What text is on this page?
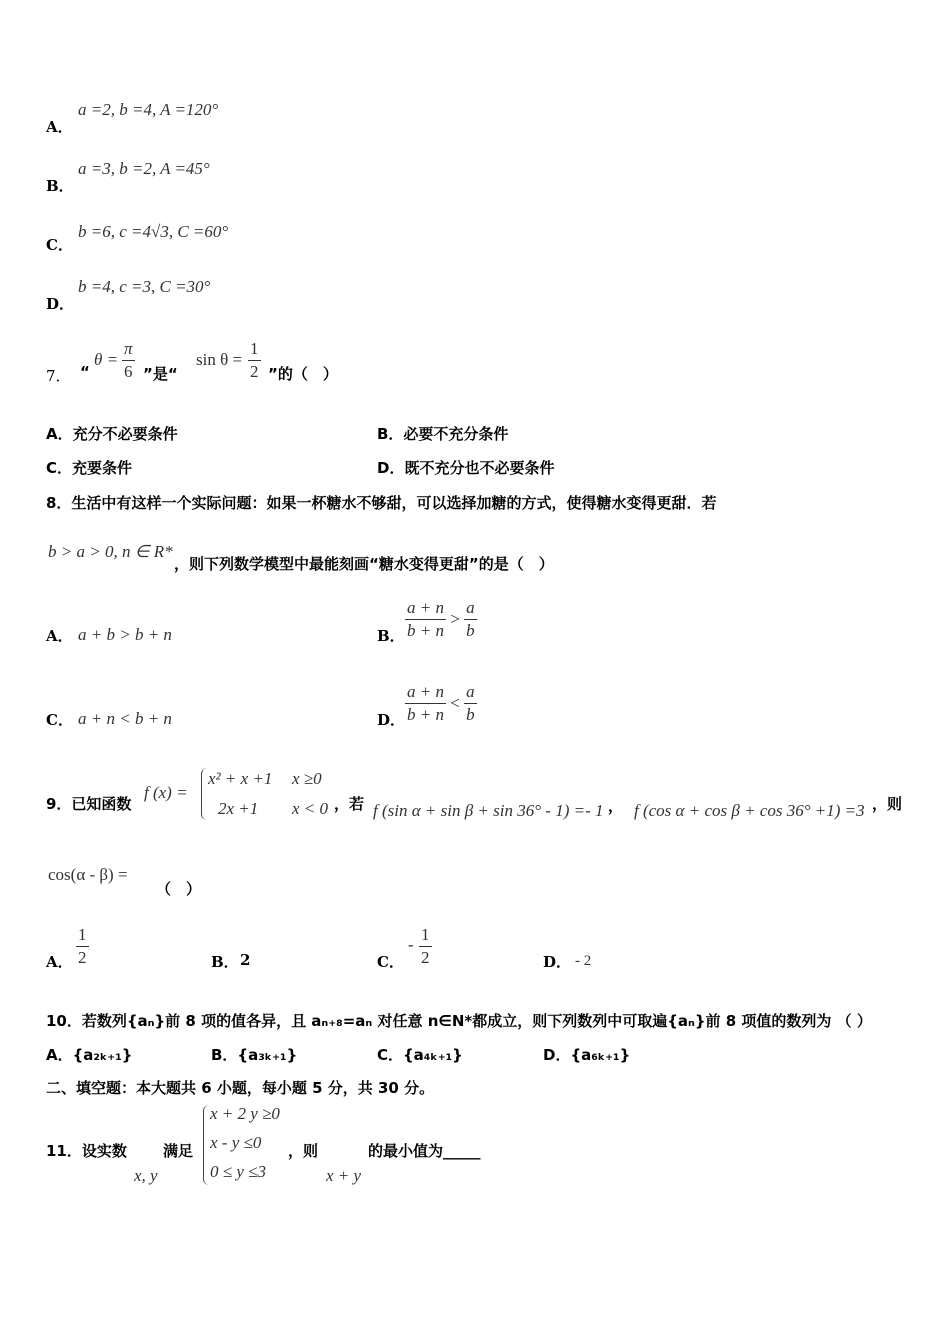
A．
a =2, b =4, A =120°
B．
a =3, b =2, A =45°
C．
b =6, c =4√3, C =60°
D．
b =4, c =3, C =30°
7． “
$\theta = \frac{\pi}{6}$ ”是“
$\sin \theta = \frac{1}{2}$ ”的（　）
A．充分不必要条件	B．必要不充分条件
C．充要条件	D．既不充分也不必要条件
8．生活中有这样一个实际问题：如果一杯糖水不够甜，可以选择加糖的方式，使得糖水变得更甜．若
b > a > 0, n ∈ R*
，则下列数学模型中最能刻画“糖水变得更甜”的是（　）
A． a + b > b + n	B． $\frac{a + n}{b + n} > \frac{a}{b}$
C． a + n < b + n	D． $\frac{a + n}{b + n} < \frac{a}{b}$
9．已知函数
f (x) =
x² + x +1 x ≥0
2x +1 x < 0 ，若 f (sin α + sin β + sin 36° - 1) =- 1 ， f (cos α + cos β + cos 36° +1) =3 ，则
cos(α - β) =
（　）
A． $\frac{1}{2}$	B． 2	C．
- $\frac{1}{2}$	D． - 2
10．若数列{aₙ}前 8 项的值各异，且 aₙ₊₈=aₙ 对任意 n∈N*都成立，则下列数列中可取遍{aₙ}前 8 项值的数列为 （ ）
A．{a₂ₖ₊₁}	B．{a₃ₖ₊₁}	C．{a₄ₖ₊₁}	D．{a₆ₖ₊₁}
二、填空题：本大题共 6 小题，每小题 5 分，共 30 分。
11．设实数
x, y
满足
x + 2 y ≥0
x - y ≤0
0 ≤ y ≤3
，则
x + y
的最小值为_____
